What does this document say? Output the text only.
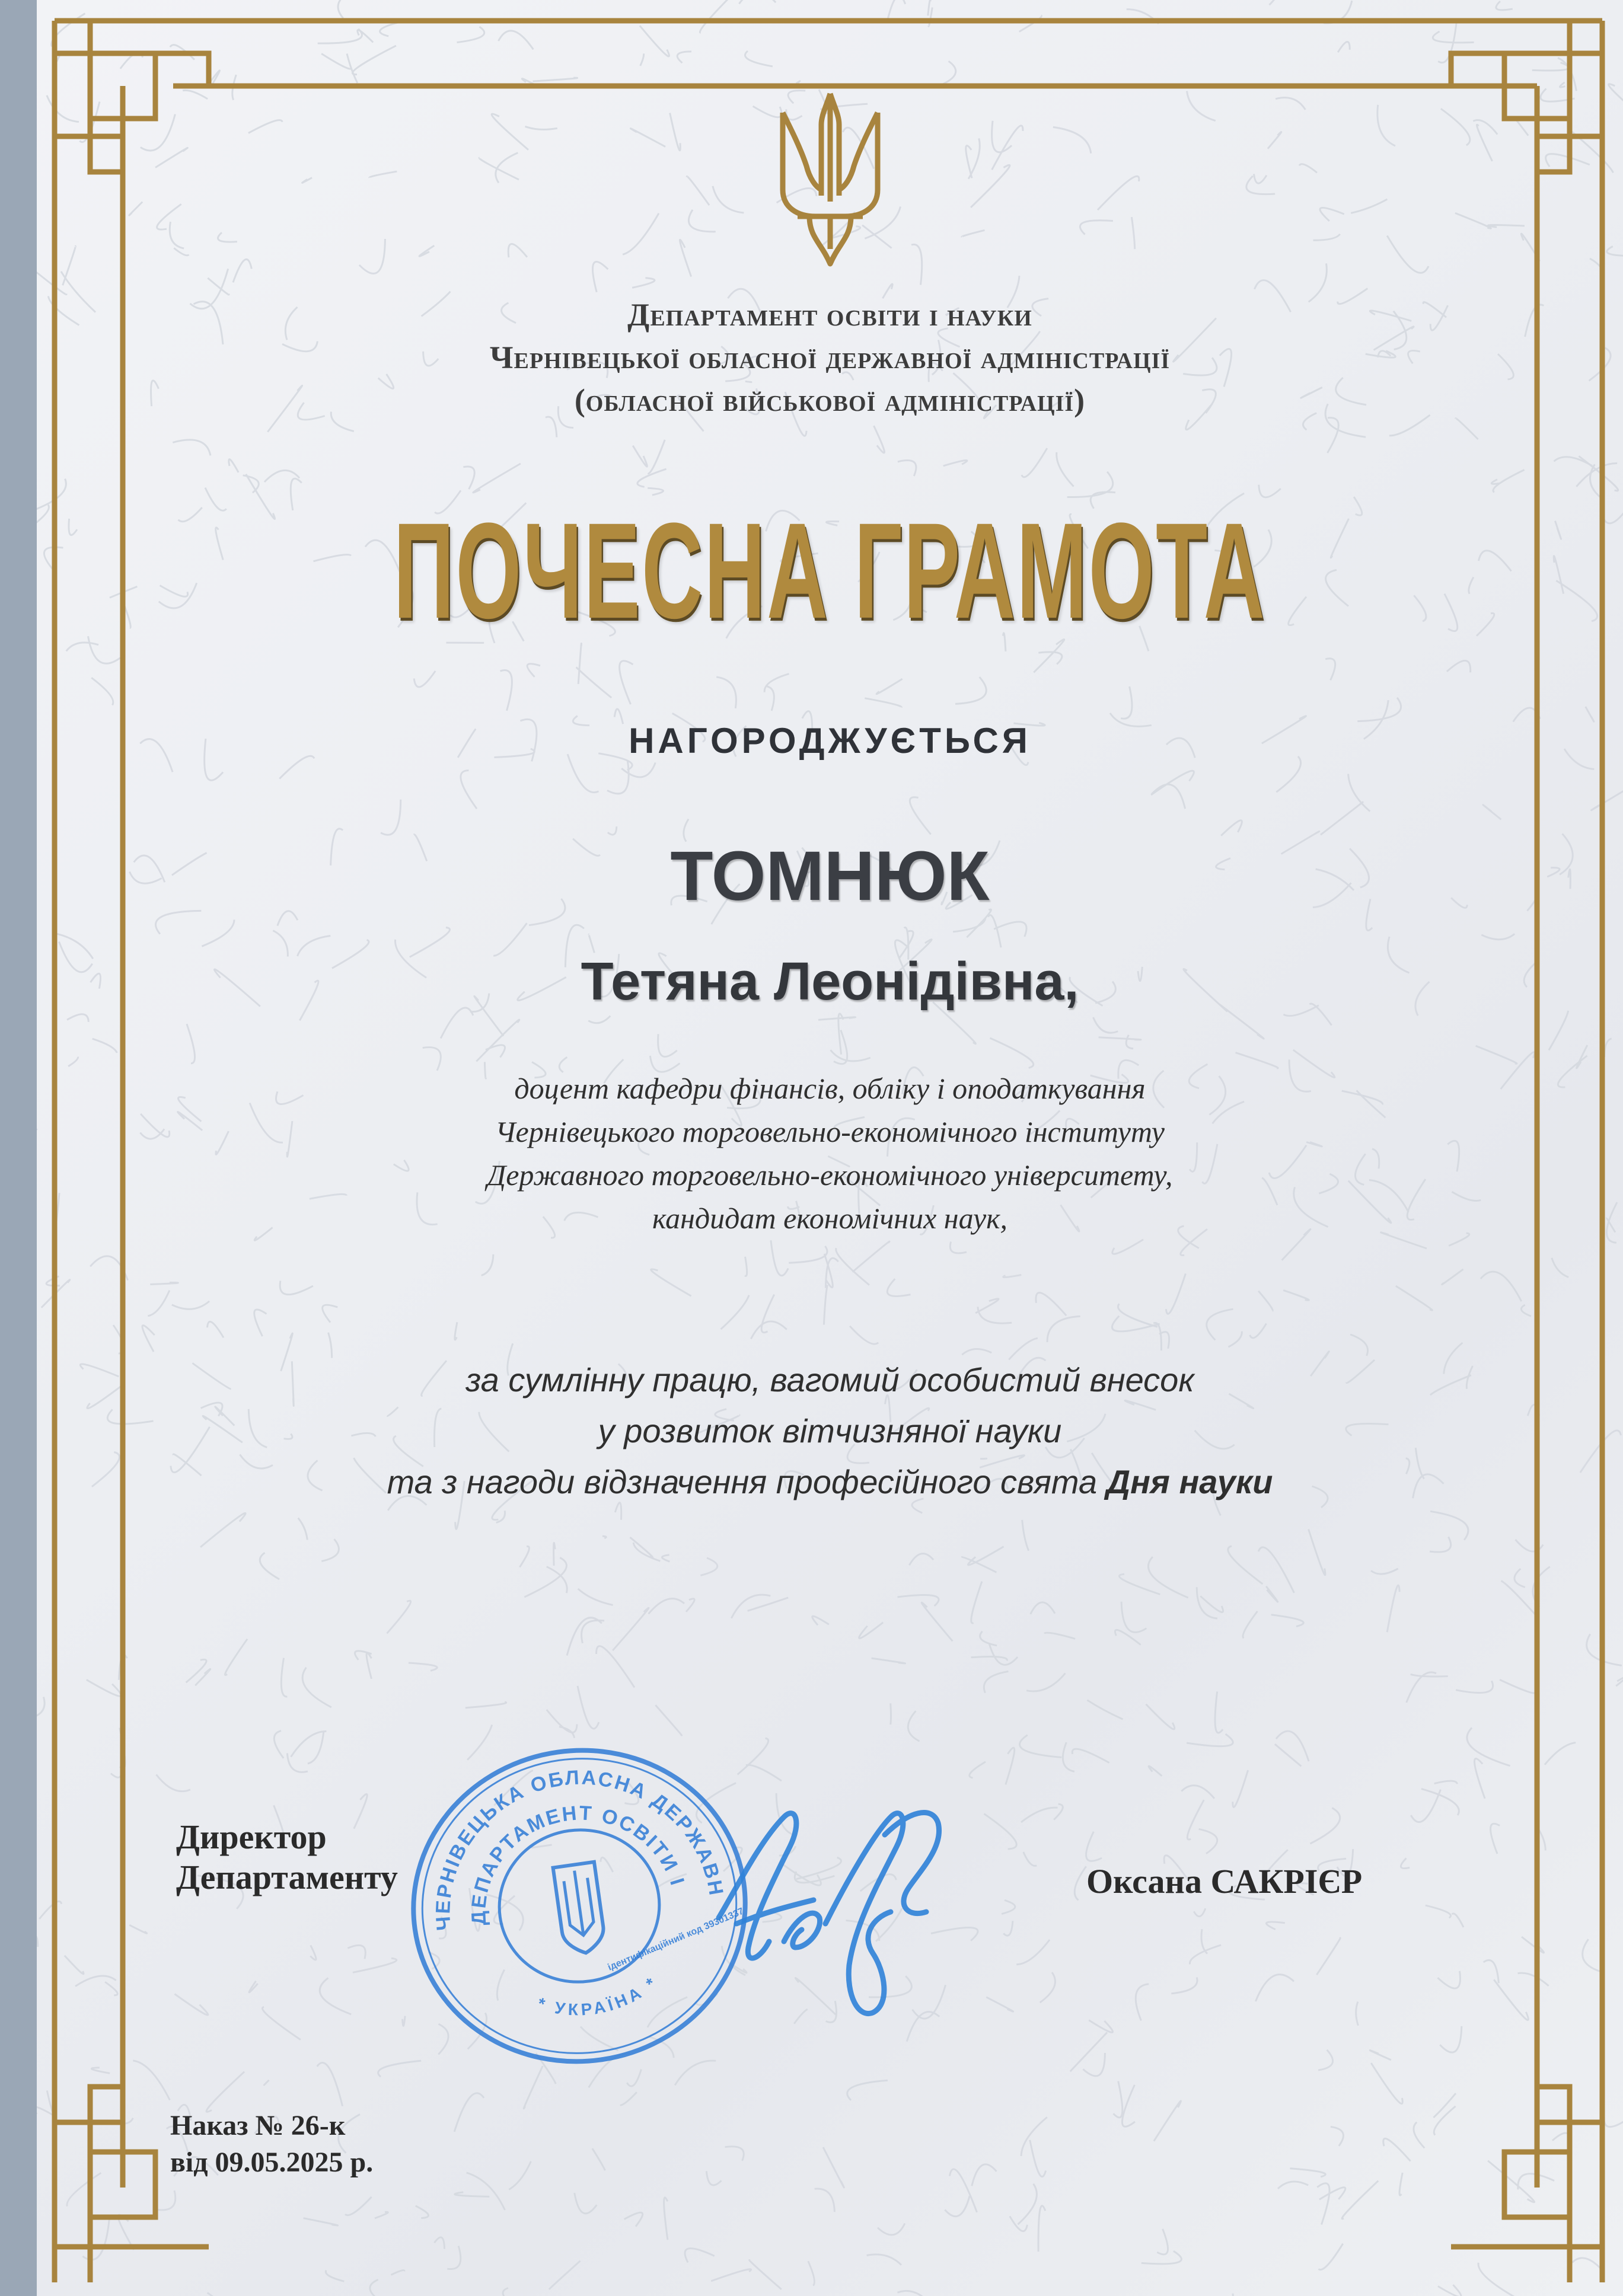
Департамент освіти і науки
Чернівецької обласної державної адміністрації
(обласної військової адміністрації)
ПОЧЕСНА ГРАМОТА
НАГОРОДЖУЄТЬСЯ
ТОМНЮК
Тетяна Леонідівна,
доцент кафедри фінансів, обліку і оподаткування
Чернівецького торговельно-економічного інституту
Державного торговельно-економічного університету,
кандидат економічних наук,
за сумлінну працю, вагомий особистий внесок
у розвиток вітчизняної науки
та з нагоди відзначення професійного свята Дня науки
Директор
Департаменту
ЧЕРНІВЕЦЬКА ОБЛАСНА ДЕРЖАВНА
ДЕПАРТАМЕНТ ОСВІТИ І
* УКРАЇНА *
ідентифікаційний код 39301337
Оксана САКРІЄР
Наказ № 26-к
від 09.05.2025 р.
